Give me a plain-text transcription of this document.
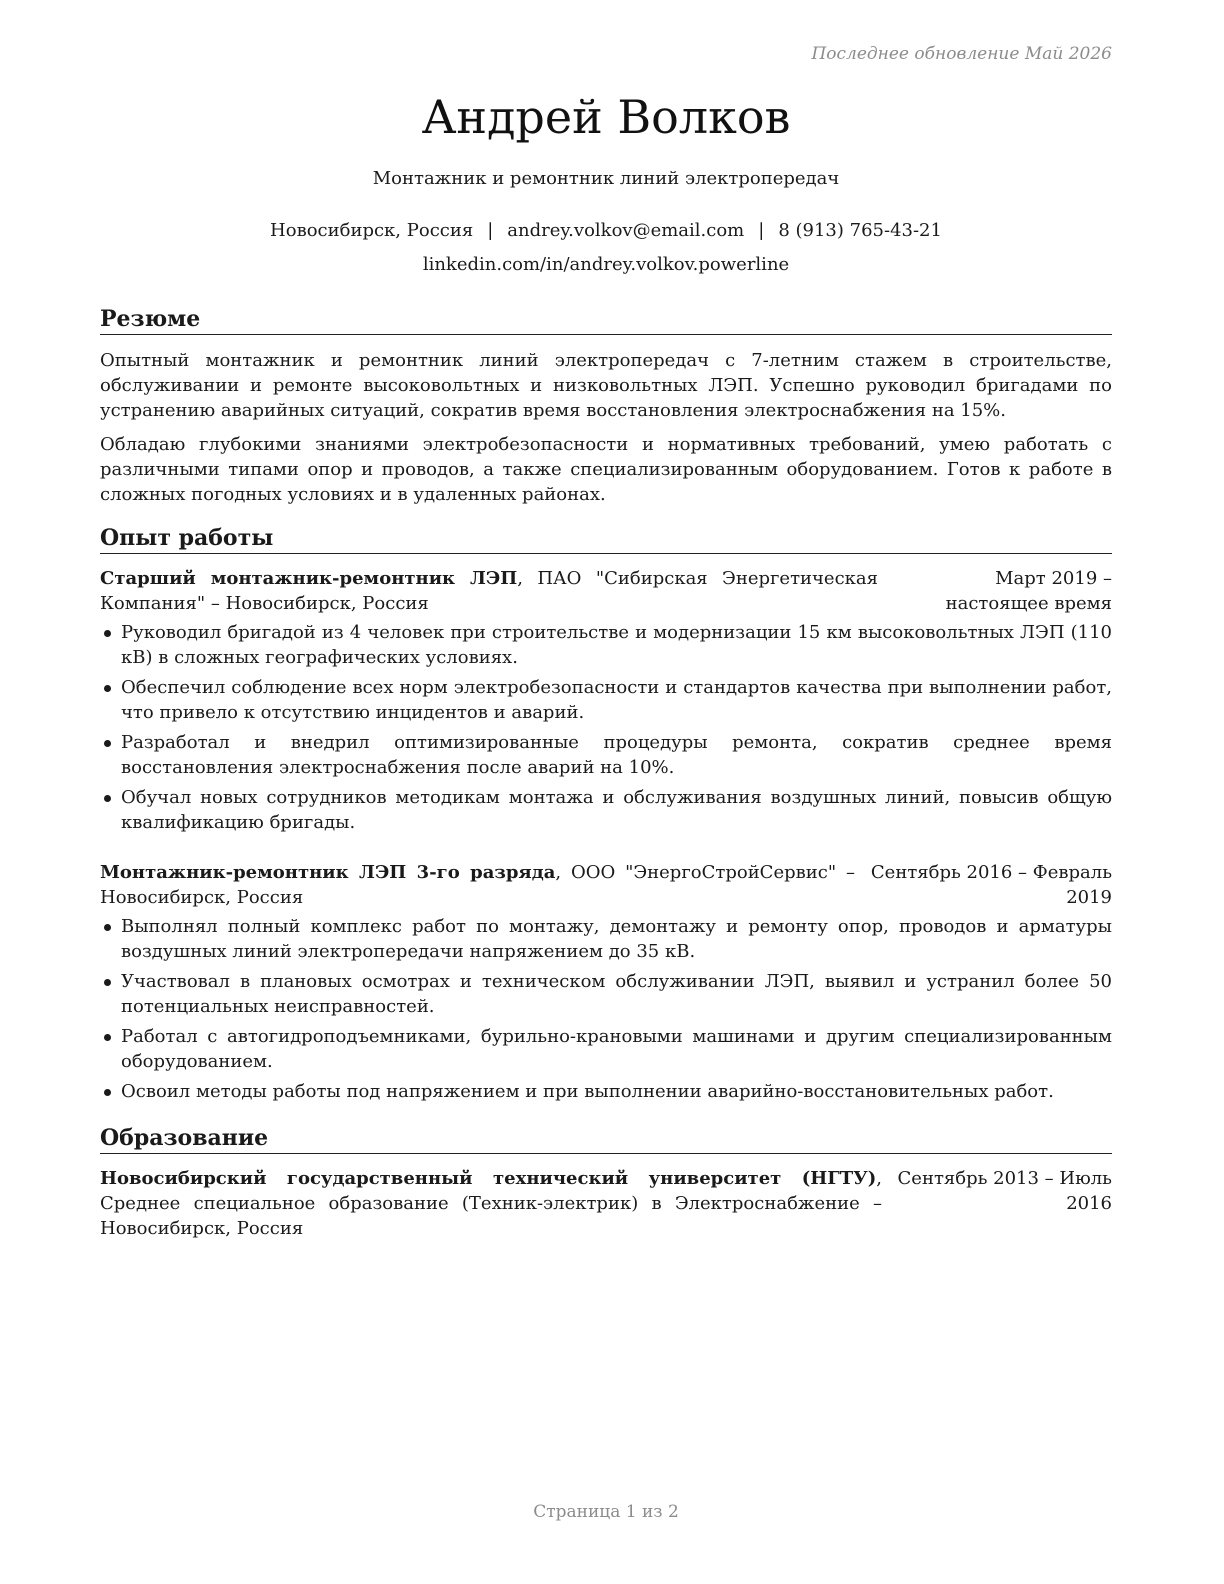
Последнее обновление Май 2026
Андрей Волков
Монтажник и ремонтник линий электропередач
Новосибирск, Россия | andrey.volkov@email.com | 8 (913) 765-43-21
linkedin.com/in/andrey.volkov.powerline
Резюме

Опытный монтажник и ремонтник линий электропередач с 7-летним стажем в строительстве, обслуживании и ремонте высоковольтных и низковольтных ЛЭП. Успешно руководил бригадами по устранению аварийных ситуаций, сократив время восстановления электроснабжения на 15%.

Обладаю глубокими знаниями электробезопасности и нормативных требований, умею работать с различными типами опор и проводов, а также специализированным оборудованием. Готов к работе в сложных погодных условиях и в удаленных районах.

Опыт работы
Старший монтажник-ремонтник ЛЭП, ПАО "Сибирская Энергетическая Компания" – Новосибирск, Россия
Март 2019 – настоящее время
Руководил бригадой из 4 человек при строительстве и модернизации 15 км высоковольтных ЛЭП (110 кВ) в сложных географических условиях.
Обеспечил соблюдение всех норм электробезопасности и стандартов качества при выполнении работ, что привело к отсутствию инцидентов и аварий.
Разработал и внедрил оптимизированные процедуры ремонта, сократив среднее время восстановления электроснабжения после аварий на 10%.
Обучал новых сотрудников методикам монтажа и обслуживания воздушных линий, повысив общую квалификацию бригады.
Монтажник-ремонтник ЛЭП 3-го разряда, ООО "ЭнергоСтройСервис" – Новосибирск, Россия
Сентябрь 2016 – Февраль 2019
Выполнял полный комплекс работ по монтажу, демонтажу и ремонту опор, проводов и арматуры воздушных линий электропередачи напряжением до 35 кВ.
Участвовал в плановых осмотрах и техническом обслуживании ЛЭП, выявил и устранил более 50 потенциальных неисправностей.
Работал с автогидроподъемниками, бурильно-крановыми машинами и другим специализированным оборудованием.
Освоил методы работы под напряжением и при выполнении аварийно-восстановительных работ.
Образование
Новосибирский государственный технический университет (НГТУ), Среднее специальное образование (Техник-электрик) в Электроснабжение – Новосибирск, Россия
Сентябрь 2013 – Июль 2016
Страница 1 из 2
